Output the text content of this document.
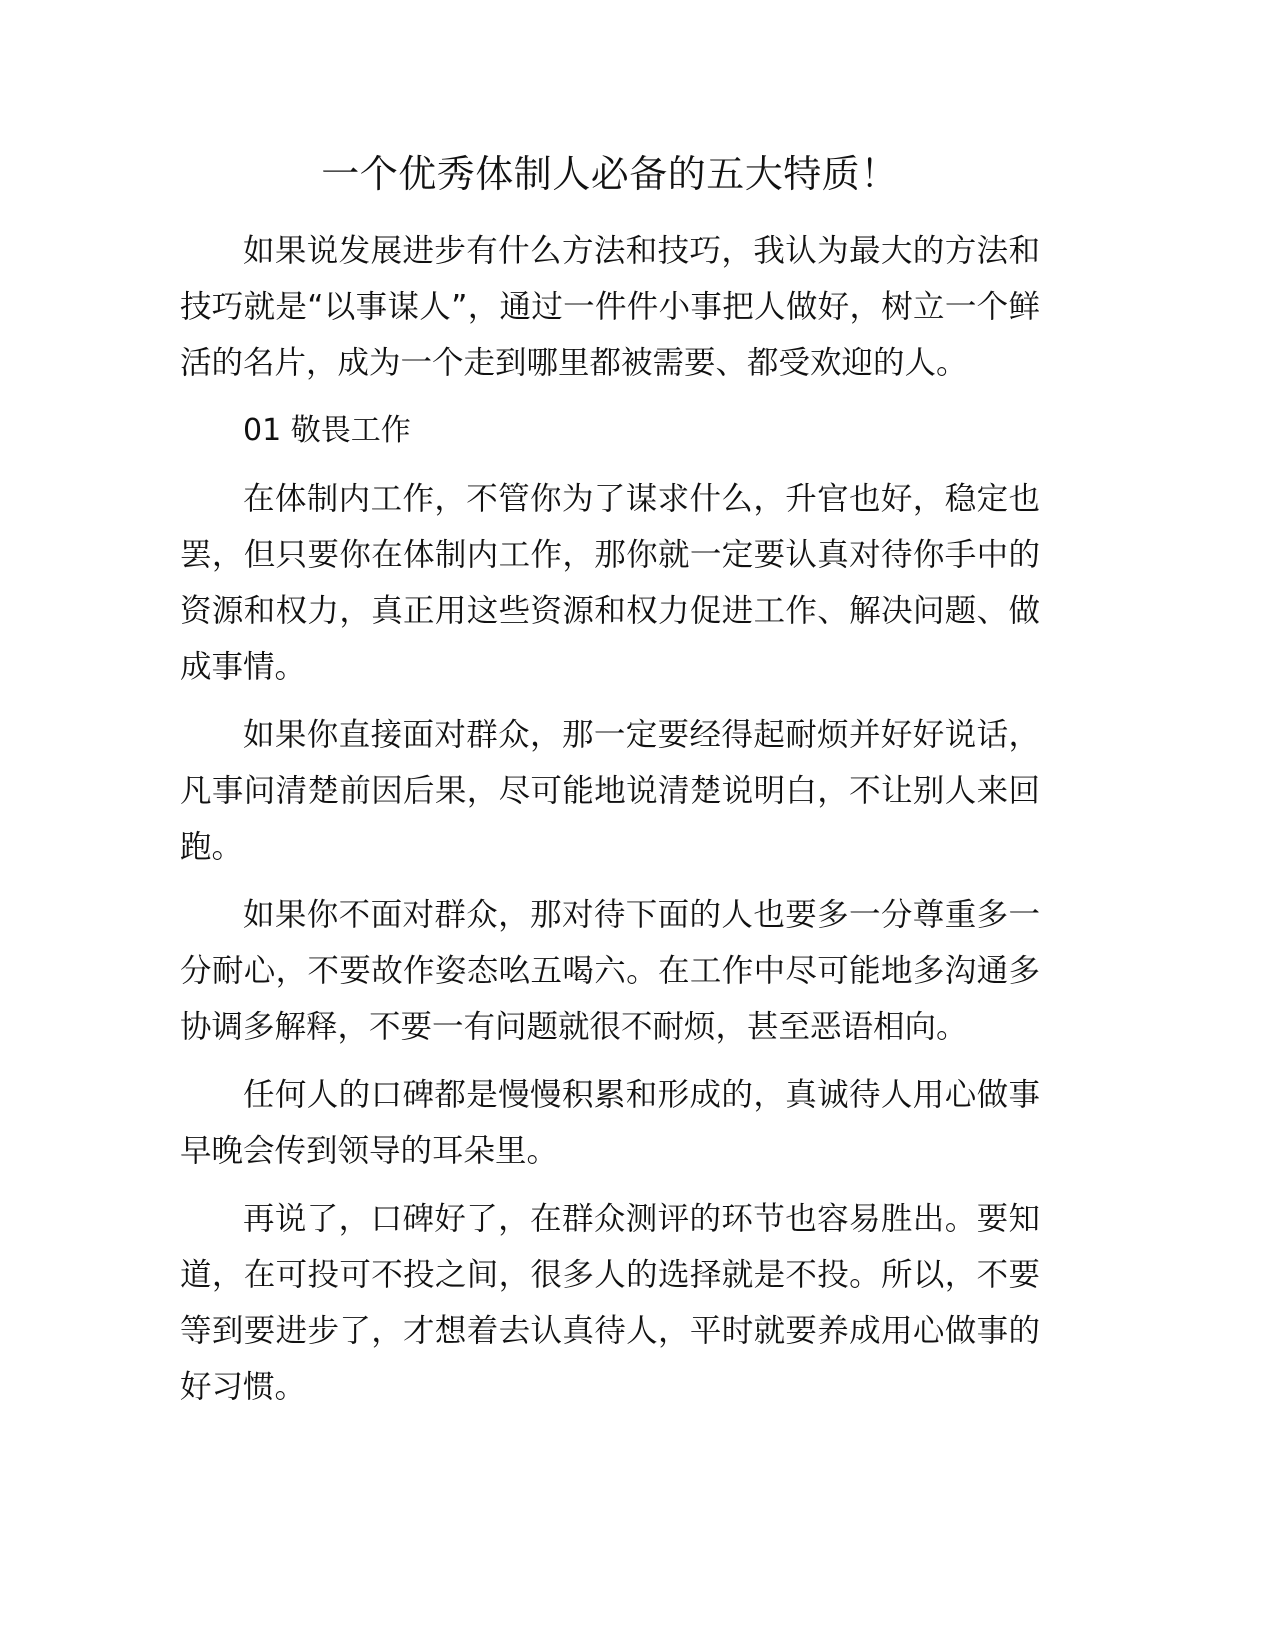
一个优秀体制人必备的五大特质！

如果说发展进步有什么方法和技巧，我认为最大的方法和技巧就是“以事谋人”，通过一件件小事把人做好，树立一个鲜活的名片，成为一个走到哪里都被需要、都受欢迎的人。

01 敬畏工作

在体制内工作，不管你为了谋求什么，升官也好，稳定也罢，但只要你在体制内工作，那你就一定要认真对待你手中的资源和权力，真正用这些资源和权力促进工作、解决问题、做成事情。

如果你直接面对群众，那一定要经得起耐烦并好好说话，凡事问清楚前因后果，尽可能地说清楚说明白，不让别人来回跑。

如果你不面对群众，那对待下面的人也要多一分尊重多一分耐心，不要故作姿态吆五喝六。在工作中尽可能地多沟通多协调多解释，不要一有问题就很不耐烦，甚至恶语相向。

任何人的口碑都是慢慢积累和形成的，真诚待人用心做事早晚会传到领导的耳朵里。

再说了，口碑好了，在群众测评的环节也容易胜出。要知道，在可投可不投之间，很多人的选择就是不投。所以，不要等到要进步了，才想着去认真待人，平时就要养成用心做事的好习惯。
